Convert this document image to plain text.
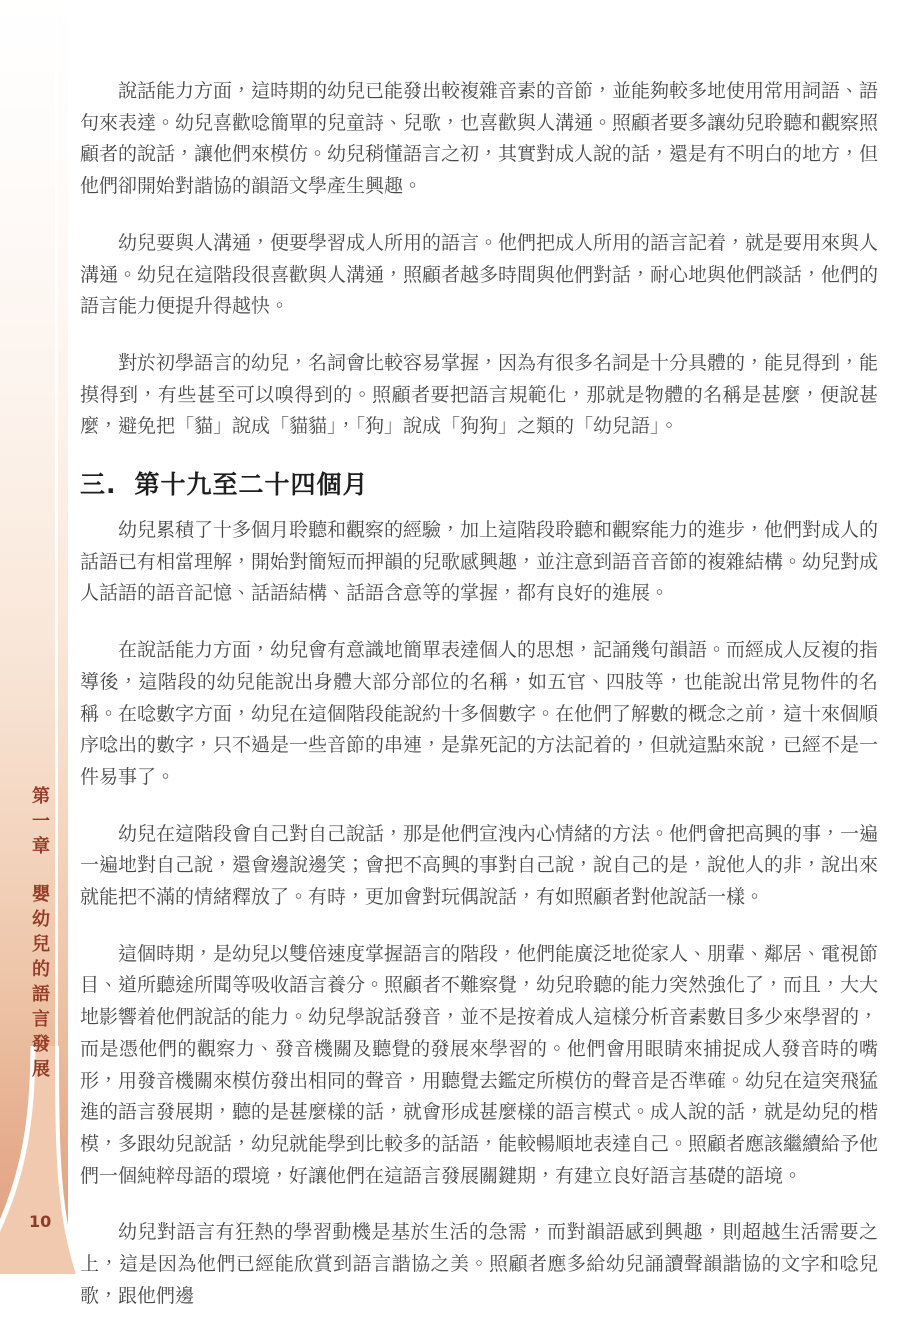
第一章
嬰幼兒的語言發展
10

說話能力方面，這時期的幼兒已能發出較複雜音素的音節，並能夠較多地使用常用詞語、語句來表達。幼兒喜歡唸簡單的兒童詩、兒歌，也喜歡與人溝通。照顧者要多讓幼兒聆聽和觀察照顧者的說話，讓他們來模仿。幼兒稍懂語言之初，其實對成人說的話，還是有不明白的地方，但他們卻開始對諧協的韻語文學產生興趣。

幼兒要與人溝通，便要學習成人所用的語言。他們把成人所用的語言記着，就是要用來與人溝通。幼兒在這階段很喜歡與人溝通，照顧者越多時間與他們對話，耐心地與他們談話，他們的語言能力便提升得越快。

對於初學語言的幼兒，名詞會比較容易掌握，因為有很多名詞是十分具體的，能見得到，能摸得到，有些甚至可以嗅得到的。照顧者要把語言規範化，那就是物體的名稱是甚麼，便說甚麼，避免把「貓」說成「貓貓」，「狗」說成「狗狗」之類的「幼兒語」。

三. 第十九至二十四個月

幼兒累積了十多個月聆聽和觀察的經驗，加上這階段聆聽和觀察能力的進步，他們對成人的話語已有相當理解，開始對簡短而押韻的兒歌感興趣，並注意到語音音節的複雜結構。幼兒對成人話語的語音記憶、話語結構、話語含意等的掌握，都有良好的進展。

在說話能力方面，幼兒會有意識地簡單表達個人的思想，記誦幾句韻語。而經成人反複的指導後，這階段的幼兒能說出身體大部分部位的名稱，如五官、四肢等，也能說出常見物件的名稱。在唸數字方面，幼兒在這個階段能說約十多個數字。在他們了解數的概念之前，這十來個順序唸出的數字，只不過是一些音節的串連，是靠死記的方法記着的，但就這點來說，已經不是一件易事了。

幼兒在這階段會自己對自己說話，那是他們宣洩內心情緒的方法。他們會把高興的事，一遍一遍地對自己說，還會邊說邊笑；會把不高興的事對自己說，說自己的是，說他人的非，說出來就能把不滿的情緒釋放了。有時，更加會對玩偶說話，有如照顧者對他說話一樣。

這個時期，是幼兒以雙倍速度掌握語言的階段，他們能廣泛地從家人、朋輩、鄰居、電視節目、道所聽途所聞等吸收語言養分。照顧者不難察覺，幼兒聆聽的能力突然強化了，而且，大大地影響着他們說話的能力。幼兒學說話發音，並不是按着成人這樣分析音素數目多少來學習的，而是憑他們的觀察力、發音機關及聽覺的發展來學習的。他們會用眼睛來捕捉成人發音時的嘴形，用發音機關來模仿發出相同的聲音，用聽覺去鑑定所模仿的聲音是否準確。幼兒在這突飛猛進的語言發展期，聽的是甚麼樣的話，就會形成甚麼樣的語言模式。成人說的話，就是幼兒的楷模，多跟幼兒說話，幼兒就能學到比較多的話語，能較暢順地表達自己。照顧者應該繼續給予他們一個純粹母語的環境，好讓他們在這語言發展關鍵期，有建立良好語言基礎的語境。

幼兒對語言有狂熱的學習動機是基於生活的急需，而對韻語感到興趣，則超越生活需要之上，這是因為他們已經能欣賞到語言諧協之美。照顧者應多給幼兒誦讀聲韻諧協的文字和唸兒歌，跟他們邊
